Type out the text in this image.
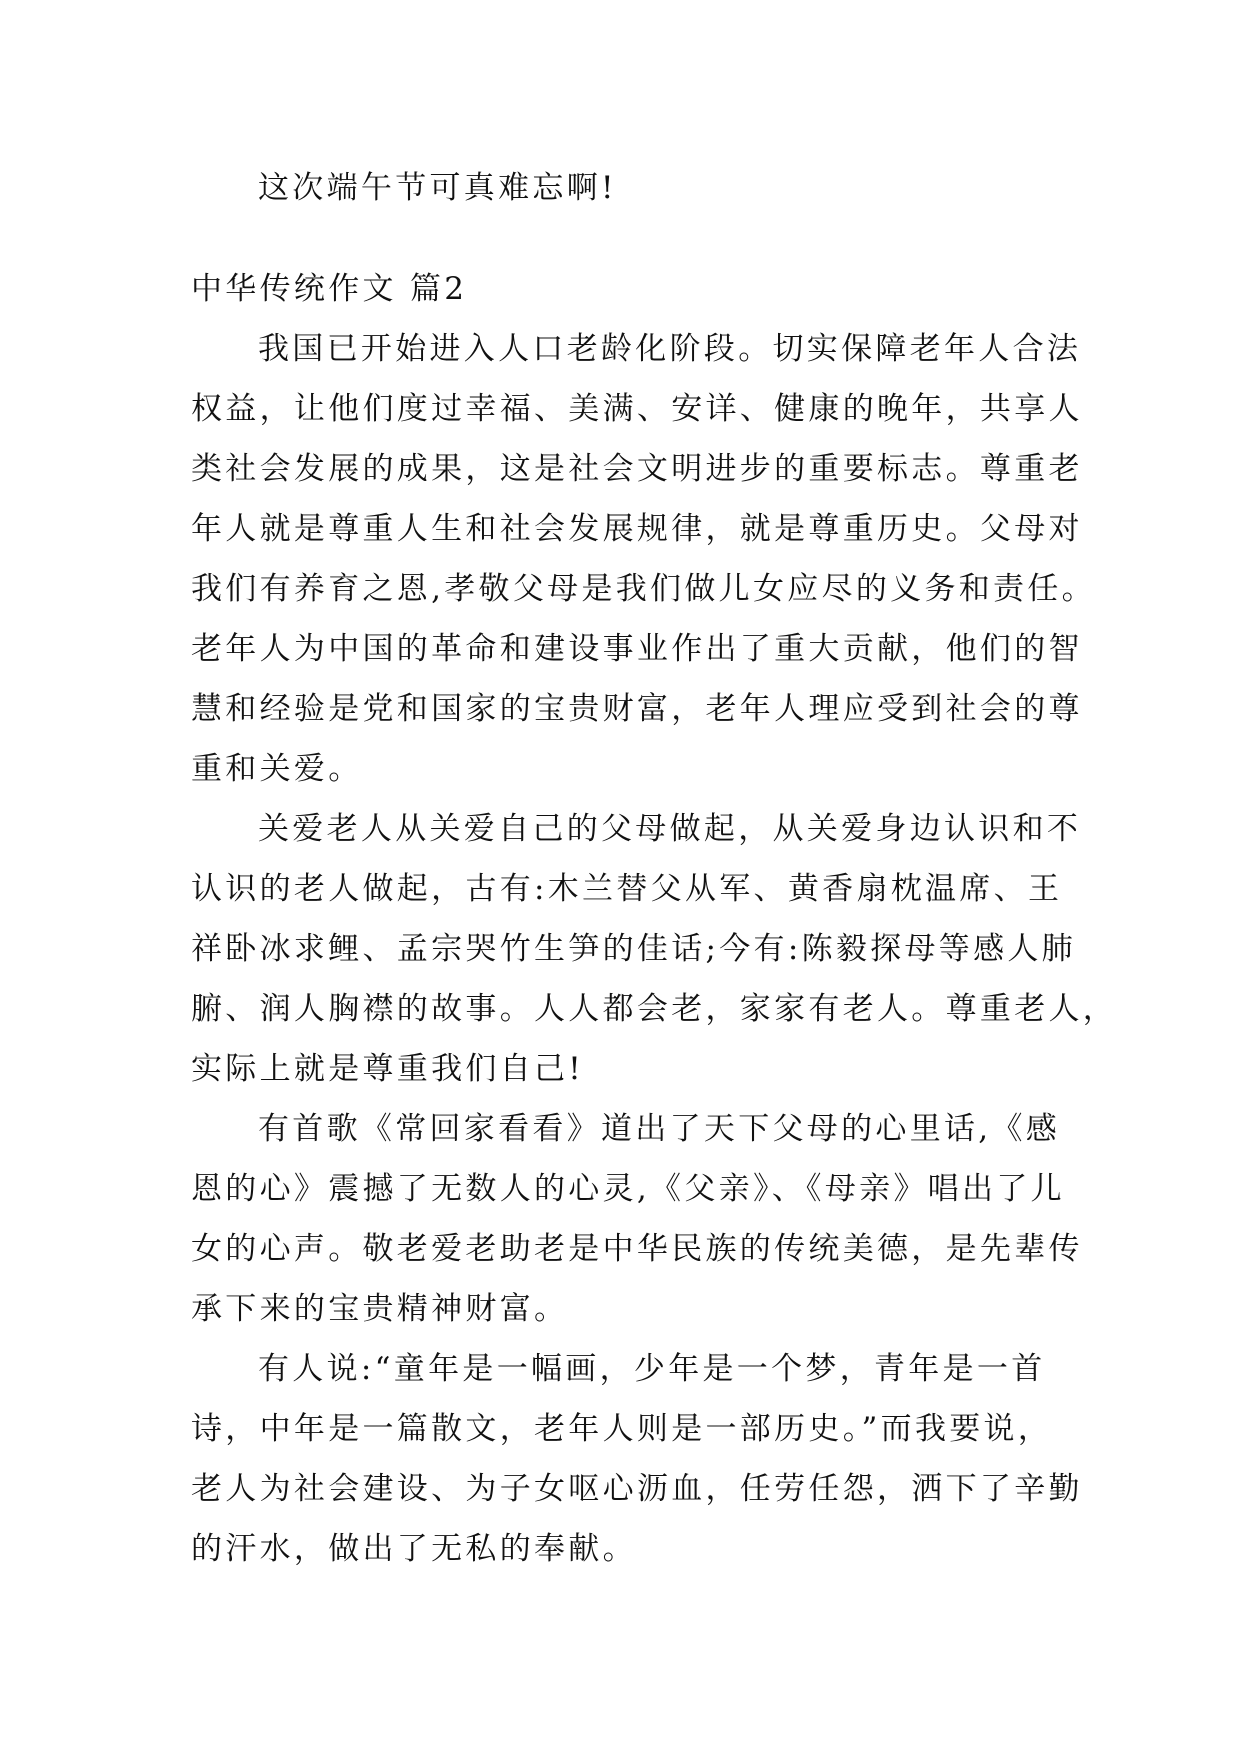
这次端午节可真难忘啊!

中华传统作文 篇2

我国已开始进入人口老龄化阶段。切实保障老年人合法

权益，让他们度过幸福、美满、安详、健康的晚年，共享人

类社会发展的成果，这是社会文明进步的重要标志。尊重老

年人就是尊重人生和社会发展规律，就是尊重历史。父母对

我们有养育之恩,孝敬父母是我们做儿女应尽的义务和责任。

老年人为中国的革命和建设事业作出了重大贡献，他们的智

慧和经验是党和国家的宝贵财富，老年人理应受到社会的尊

重和关爱。

关爱老人从关爱自己的父母做起，从关爱身边认识和不

认识的老人做起，古有:木兰替父从军、黄香扇枕温席、王

祥卧冰求鲤、孟宗哭竹生笋的佳话;今有:陈毅探母等感人肺

腑、润人胸襟的故事。人人都会老，家家有老人。尊重老人，

实际上就是尊重我们自己!

有首歌《常回家看看》道出了天下父母的心里话,《感

恩的心》震撼了无数人的心灵,《父亲》、《母亲》唱出了儿

女的心声。敬老爱老助老是中华民族的传统美德，是先辈传

承下来的宝贵精神财富。

有人说:“童年是一幅画，少年是一个梦，青年是一首

诗，中年是一篇散文，老年人则是一部历史。”而我要说，

老人为社会建设、为子女呕心沥血，任劳任怨，洒下了辛勤

的汗水，做出了无私的奉献。
